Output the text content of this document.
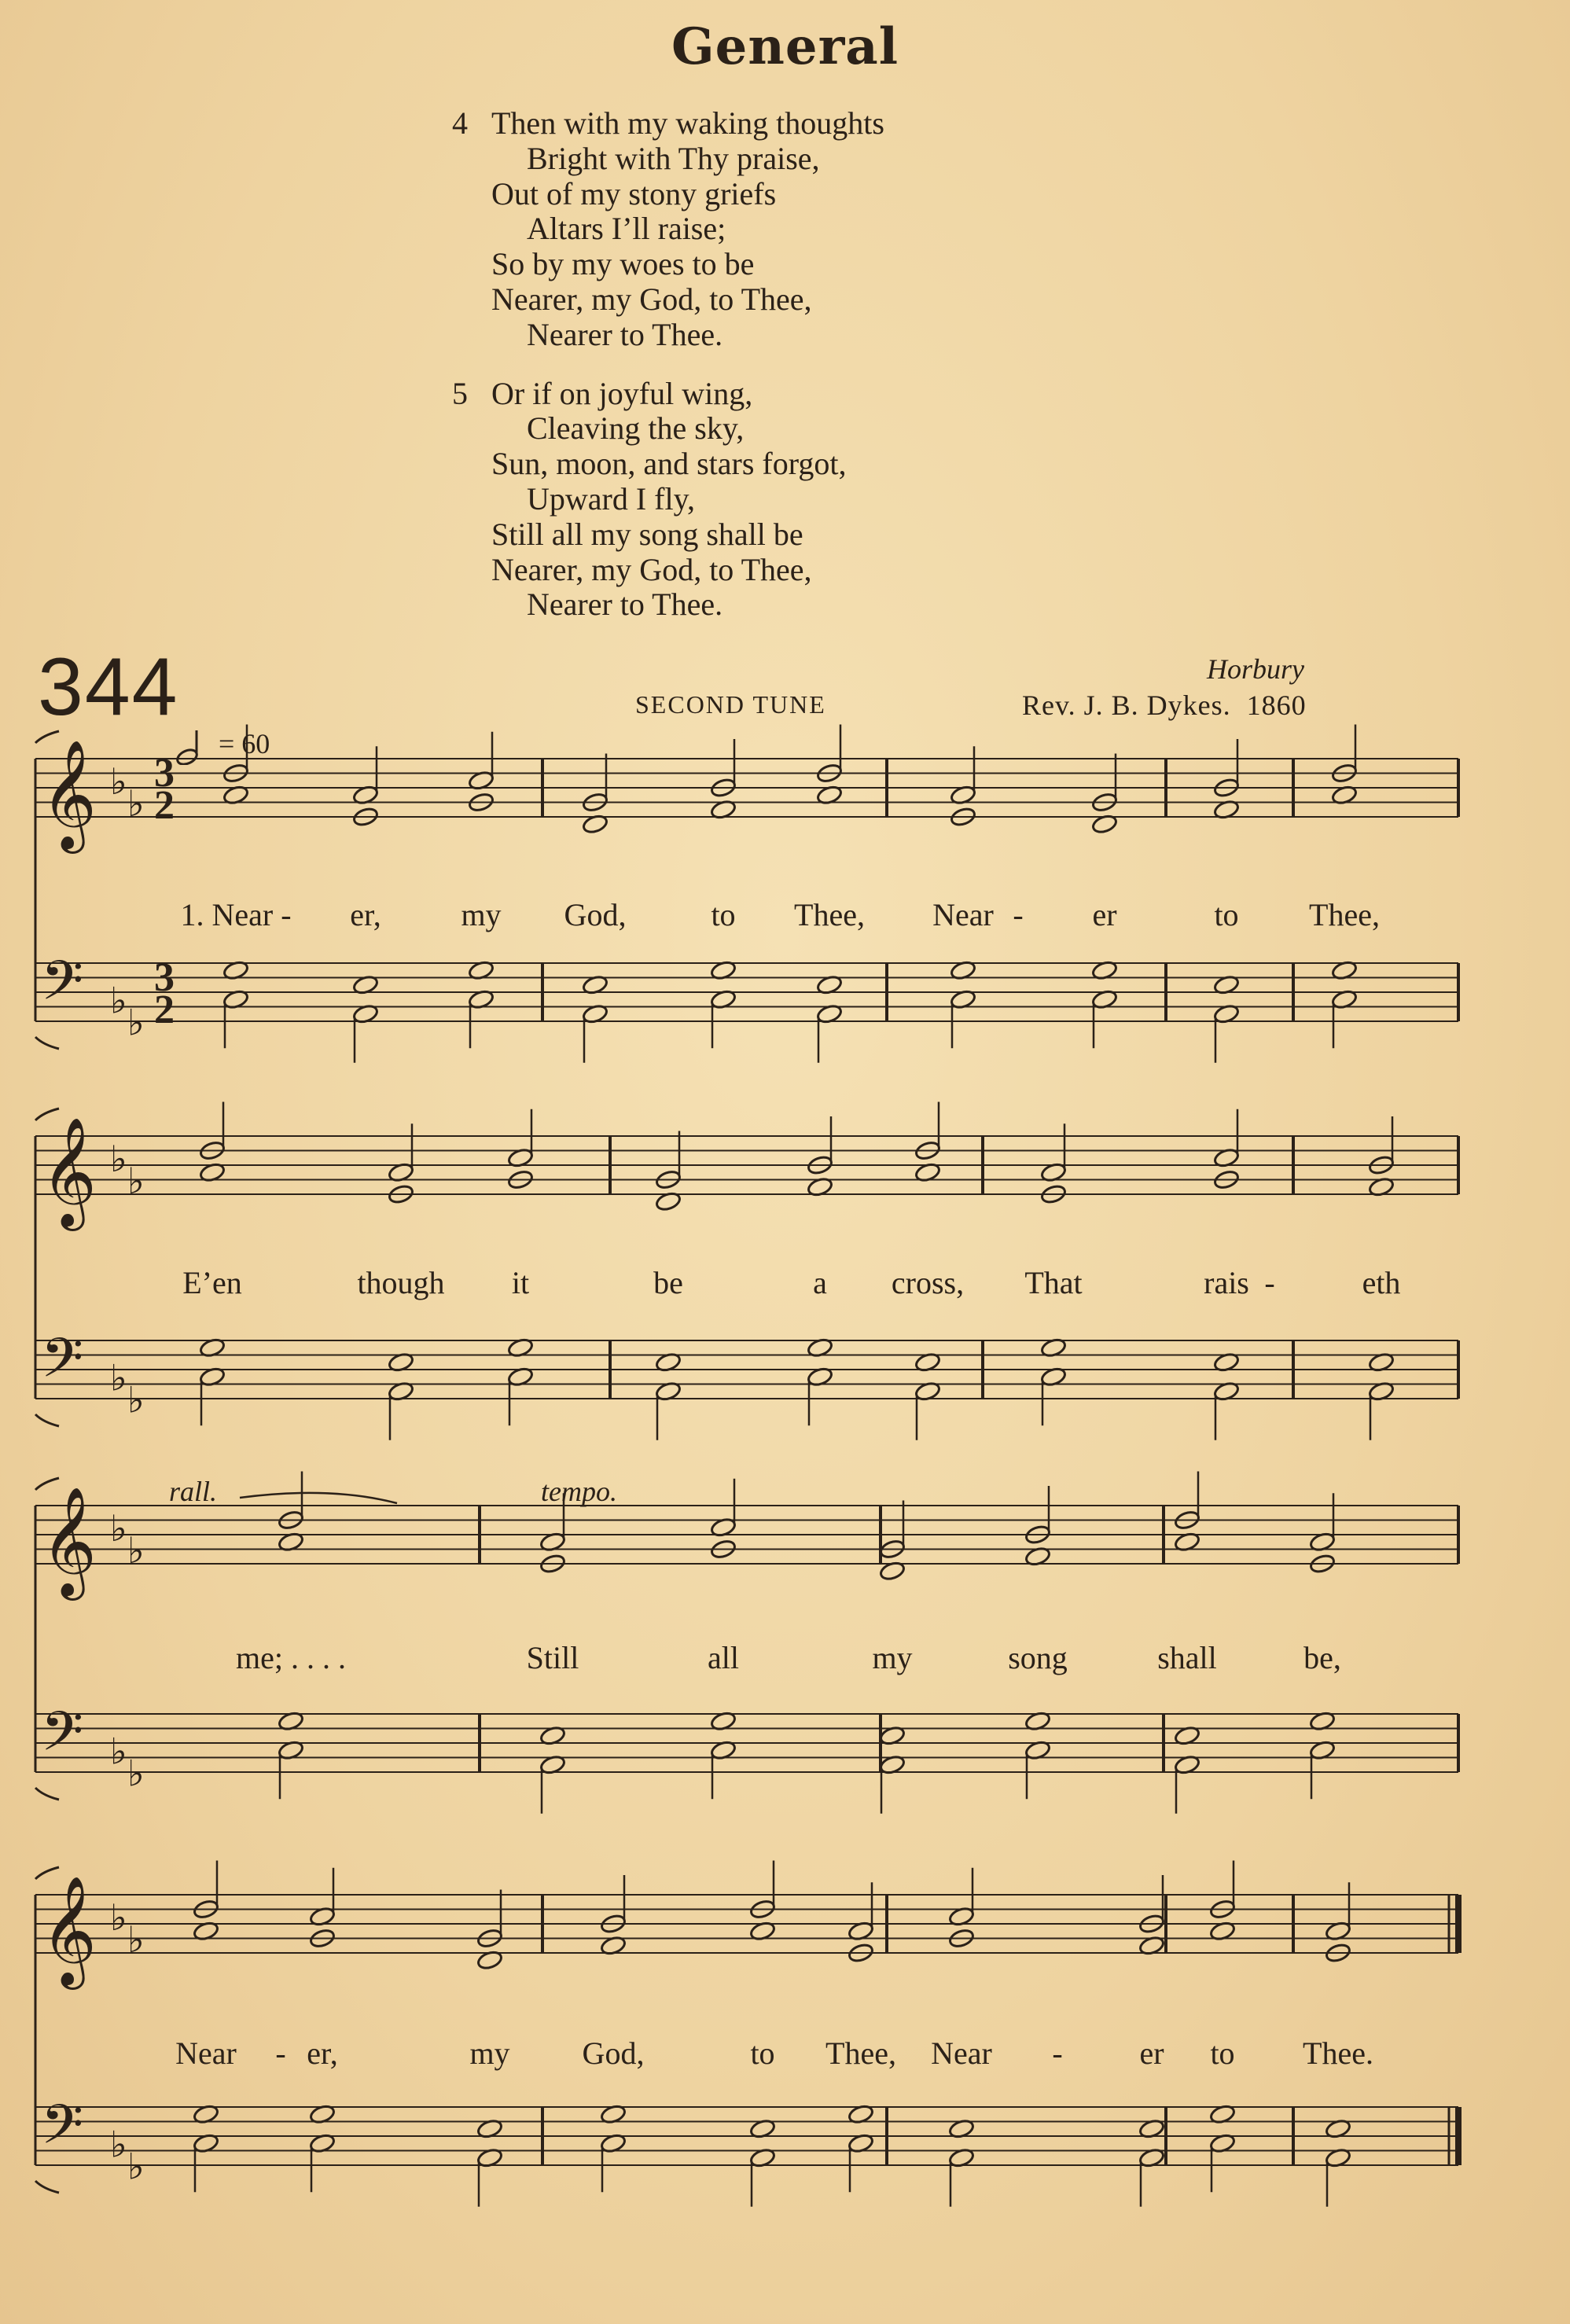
General
4 Then with my waking thoughts
Bright with Thy praise,
Out of my stony griefs
Altars I’ll raise;
So by my woes to be
Nearer, my God, to Thee,
Nearer to Thee.
5 Or if on joyful wing,
Cleaving the sky,
Sun, moon, and stars forgot,
Upward I fly,
Still all my song shall be
Nearer, my God, to Thee,
Nearer to Thee.
344	SECOND TUNE
Horbury
Rev. J. B. Dykes. 1860
= 60
rall.	tempo.
𝄞
𝄢
♭
♭
♭
♭
3
2
3
2
𝄞
𝄢
♭
♭
♭
♭
𝄞
𝄢
♭
♭
♭
♭
𝄞
𝄢
♭
♭
♭
♭
1. Near - er,	my God,	to Thee, Near - er	to Thee,
E’en	though it	be	a cross, That	rais -	eth
me; . . . .	Still	all	my	song	shall	be,
Near - er,	my God,	to Thee, Near - er to Thee.
